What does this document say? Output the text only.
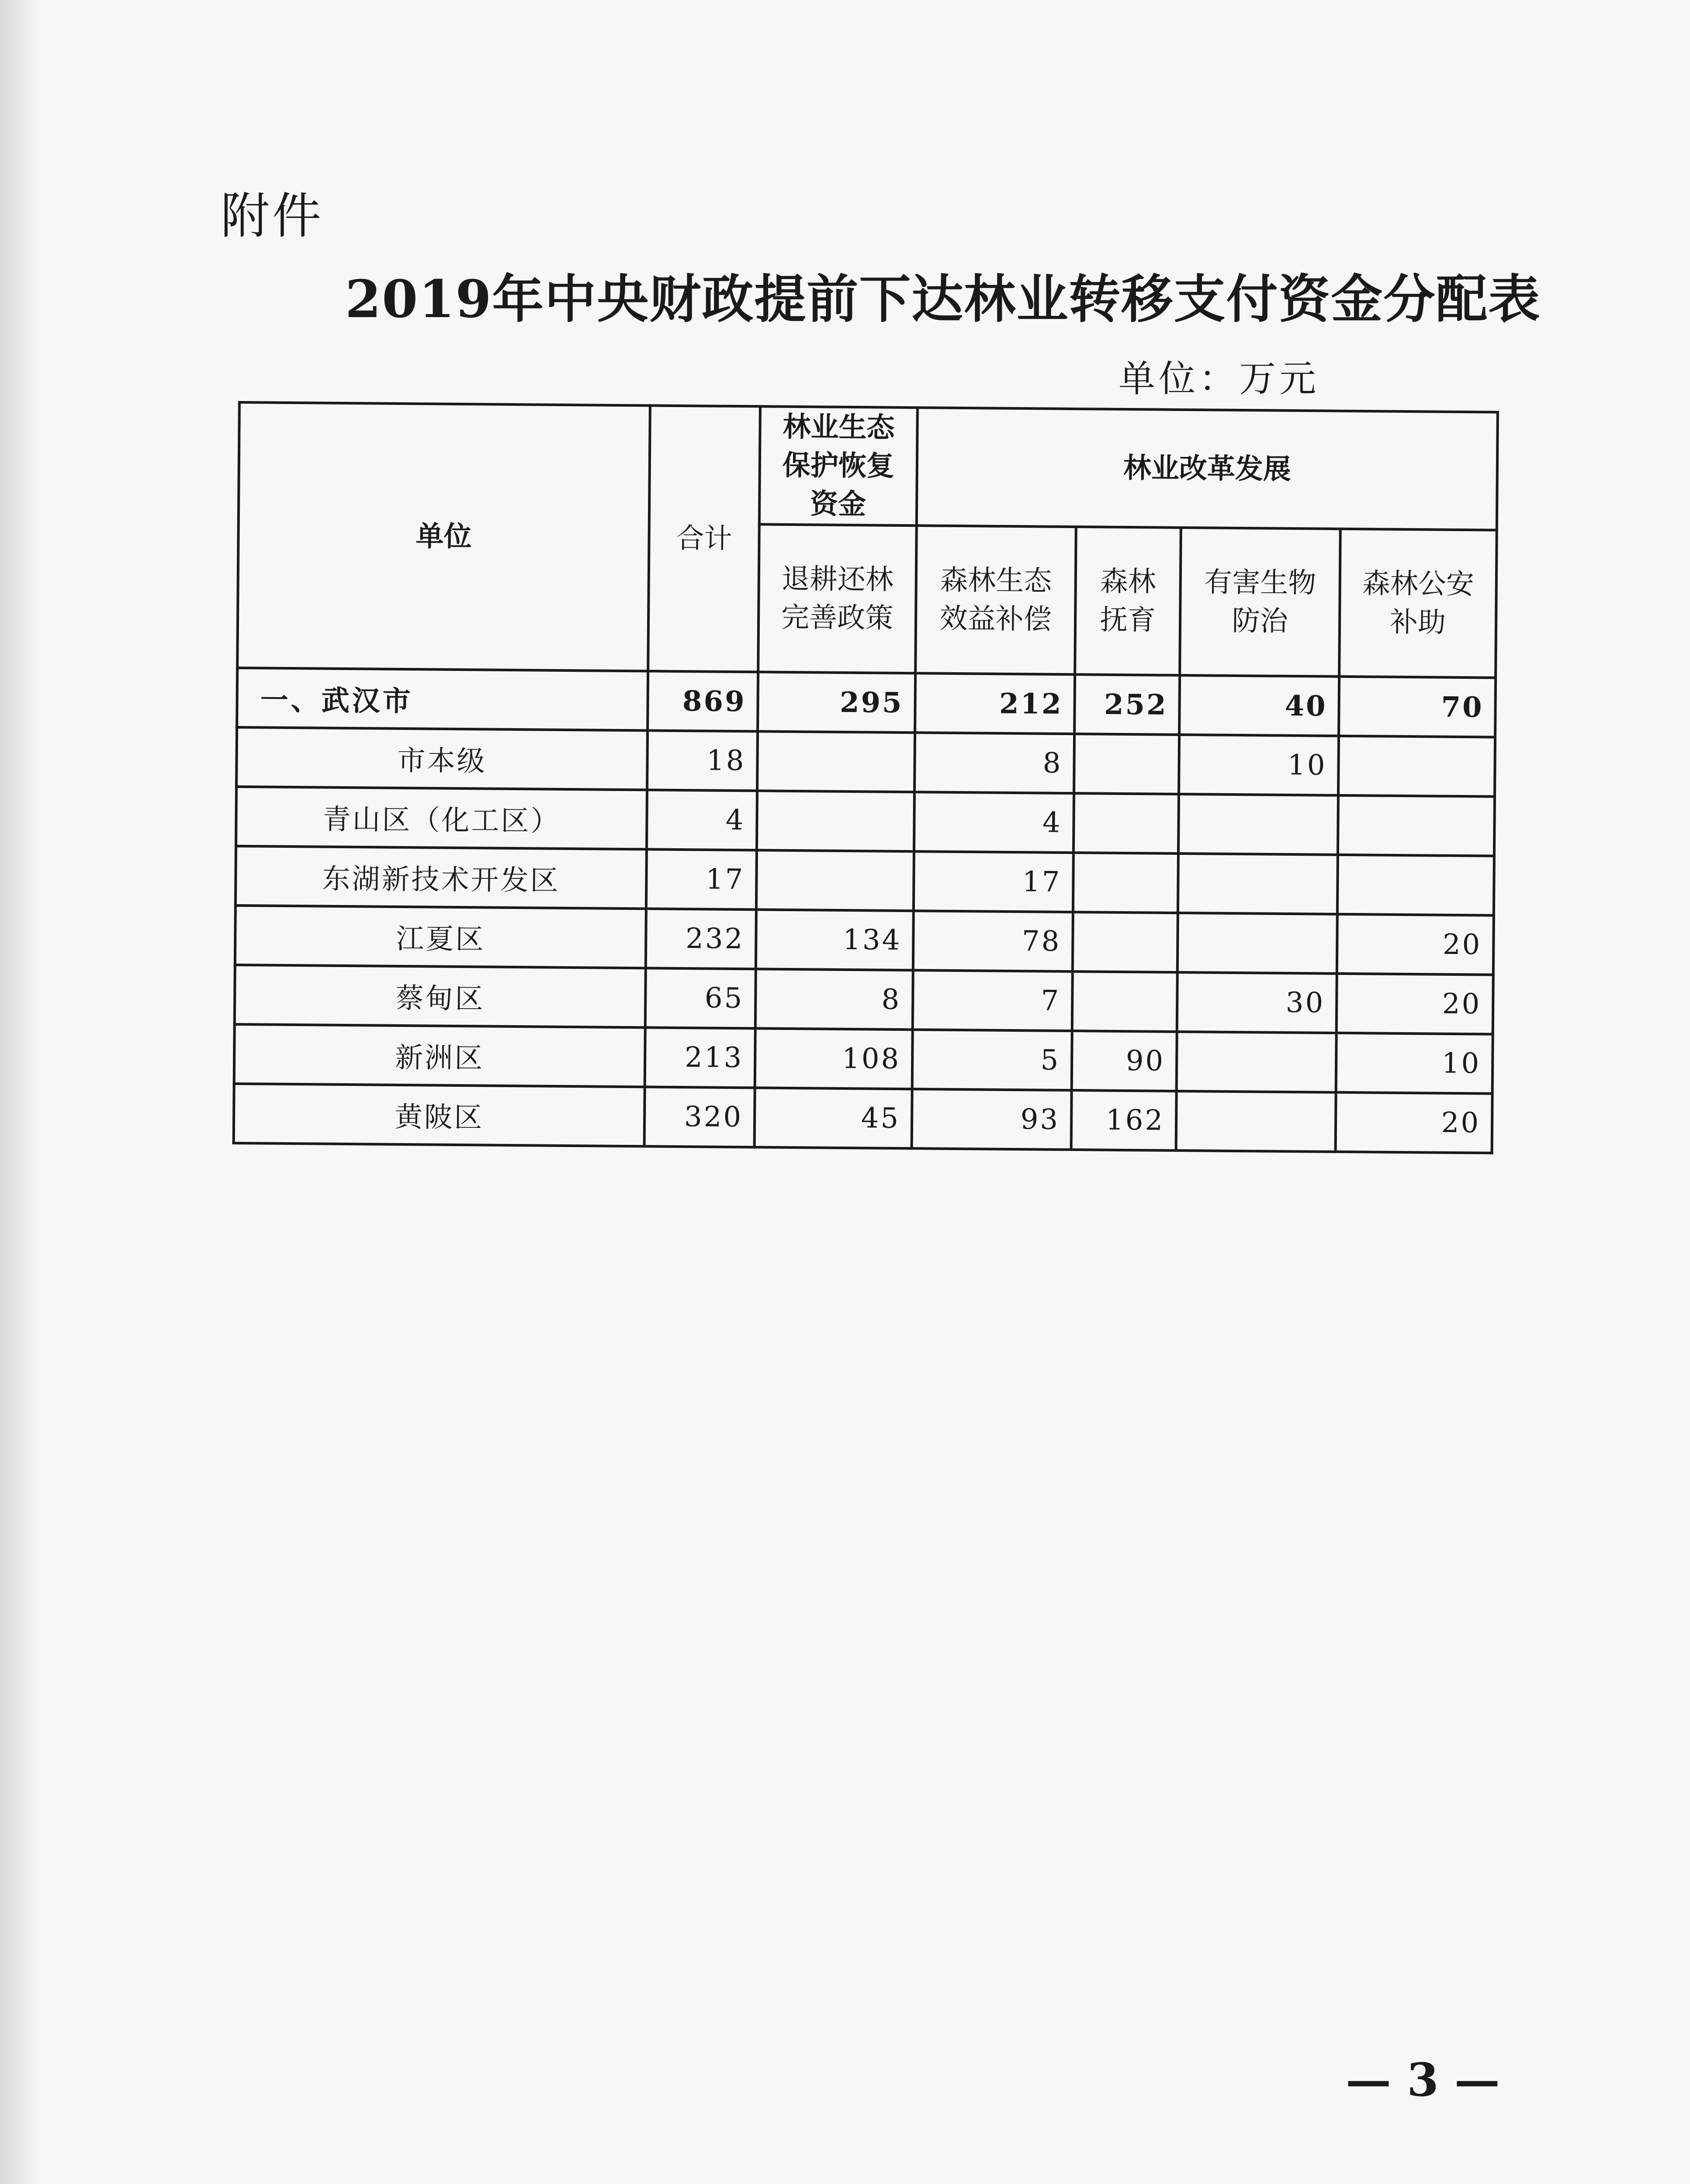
附件
2019年中央财政提前下达林业转移支付资金分配表
单位：万元
单位	合计	林业生态保护恢复资金	林业改革发展			
		退耕还林完善政策	森林生态效益补偿	森林抚育	有害生物防治	森林公安补助
一、武汉市	869	295	212	252	40	70
市本级	18		8		10	
青山区（化工区）	4		4			
东湖新技术开发区	17		17			
江夏区	232	134	78			20
蔡甸区	65	8	7		30	20
新洲区	213	108	5	90		10
黄陂区	320	45	93	162		20
— 3 —
